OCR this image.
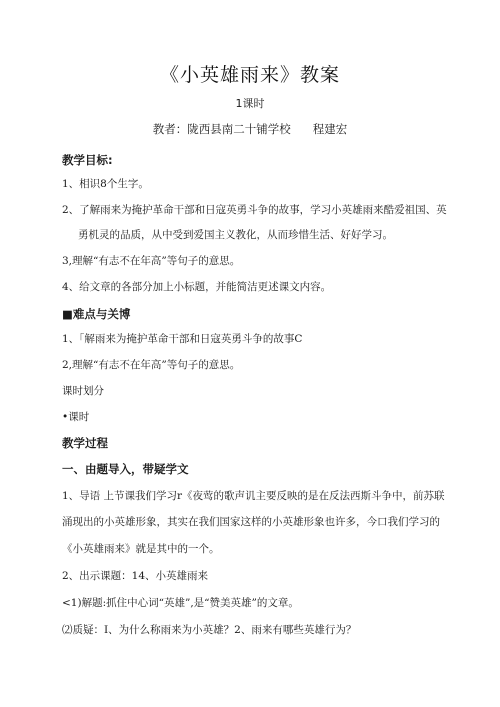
《小英雄雨来》教案
1课时
教者：陇西县南二十铺学校      程建宏
教学目标:
1、相识8个生字。
2、了解雨来为掩护革命干部和日寇英勇斗争的故事，学习小英雄雨来酷爱祖国、英
勇机灵的品质，从中受到爱国主义教化，从而珍惜生活、好好学习。
3,理解“有志不在年高”等句子的意思。
4、给文章的各部分加上小标题，并能简洁更述课文内容。
■难点与关博
1、「解雨来为掩护革命干部和日寇英勇斗争的故事C
2,理解“有志不在年高”等句子的意思。
课时划分
•课时
教学过程
一、由题导入，带疑学文
1、导语 上节课我们学习r《夜莺的歌声讥主要反映的是在反法西斯斗争中，前苏联
涌现出的小英雄形象，其实在我们国家这样的小英雄形象也许多，今口我们学习的
《小英雄雨来》就是其中的一个。
2、出示课题：14、小英雄雨来
<1)解题:抓住中心词“英雄”,是“赞美英雄”的文章。
⑵质疑：I、为什么称雨来为小英雄？2、雨来有哪些英雄行为？
